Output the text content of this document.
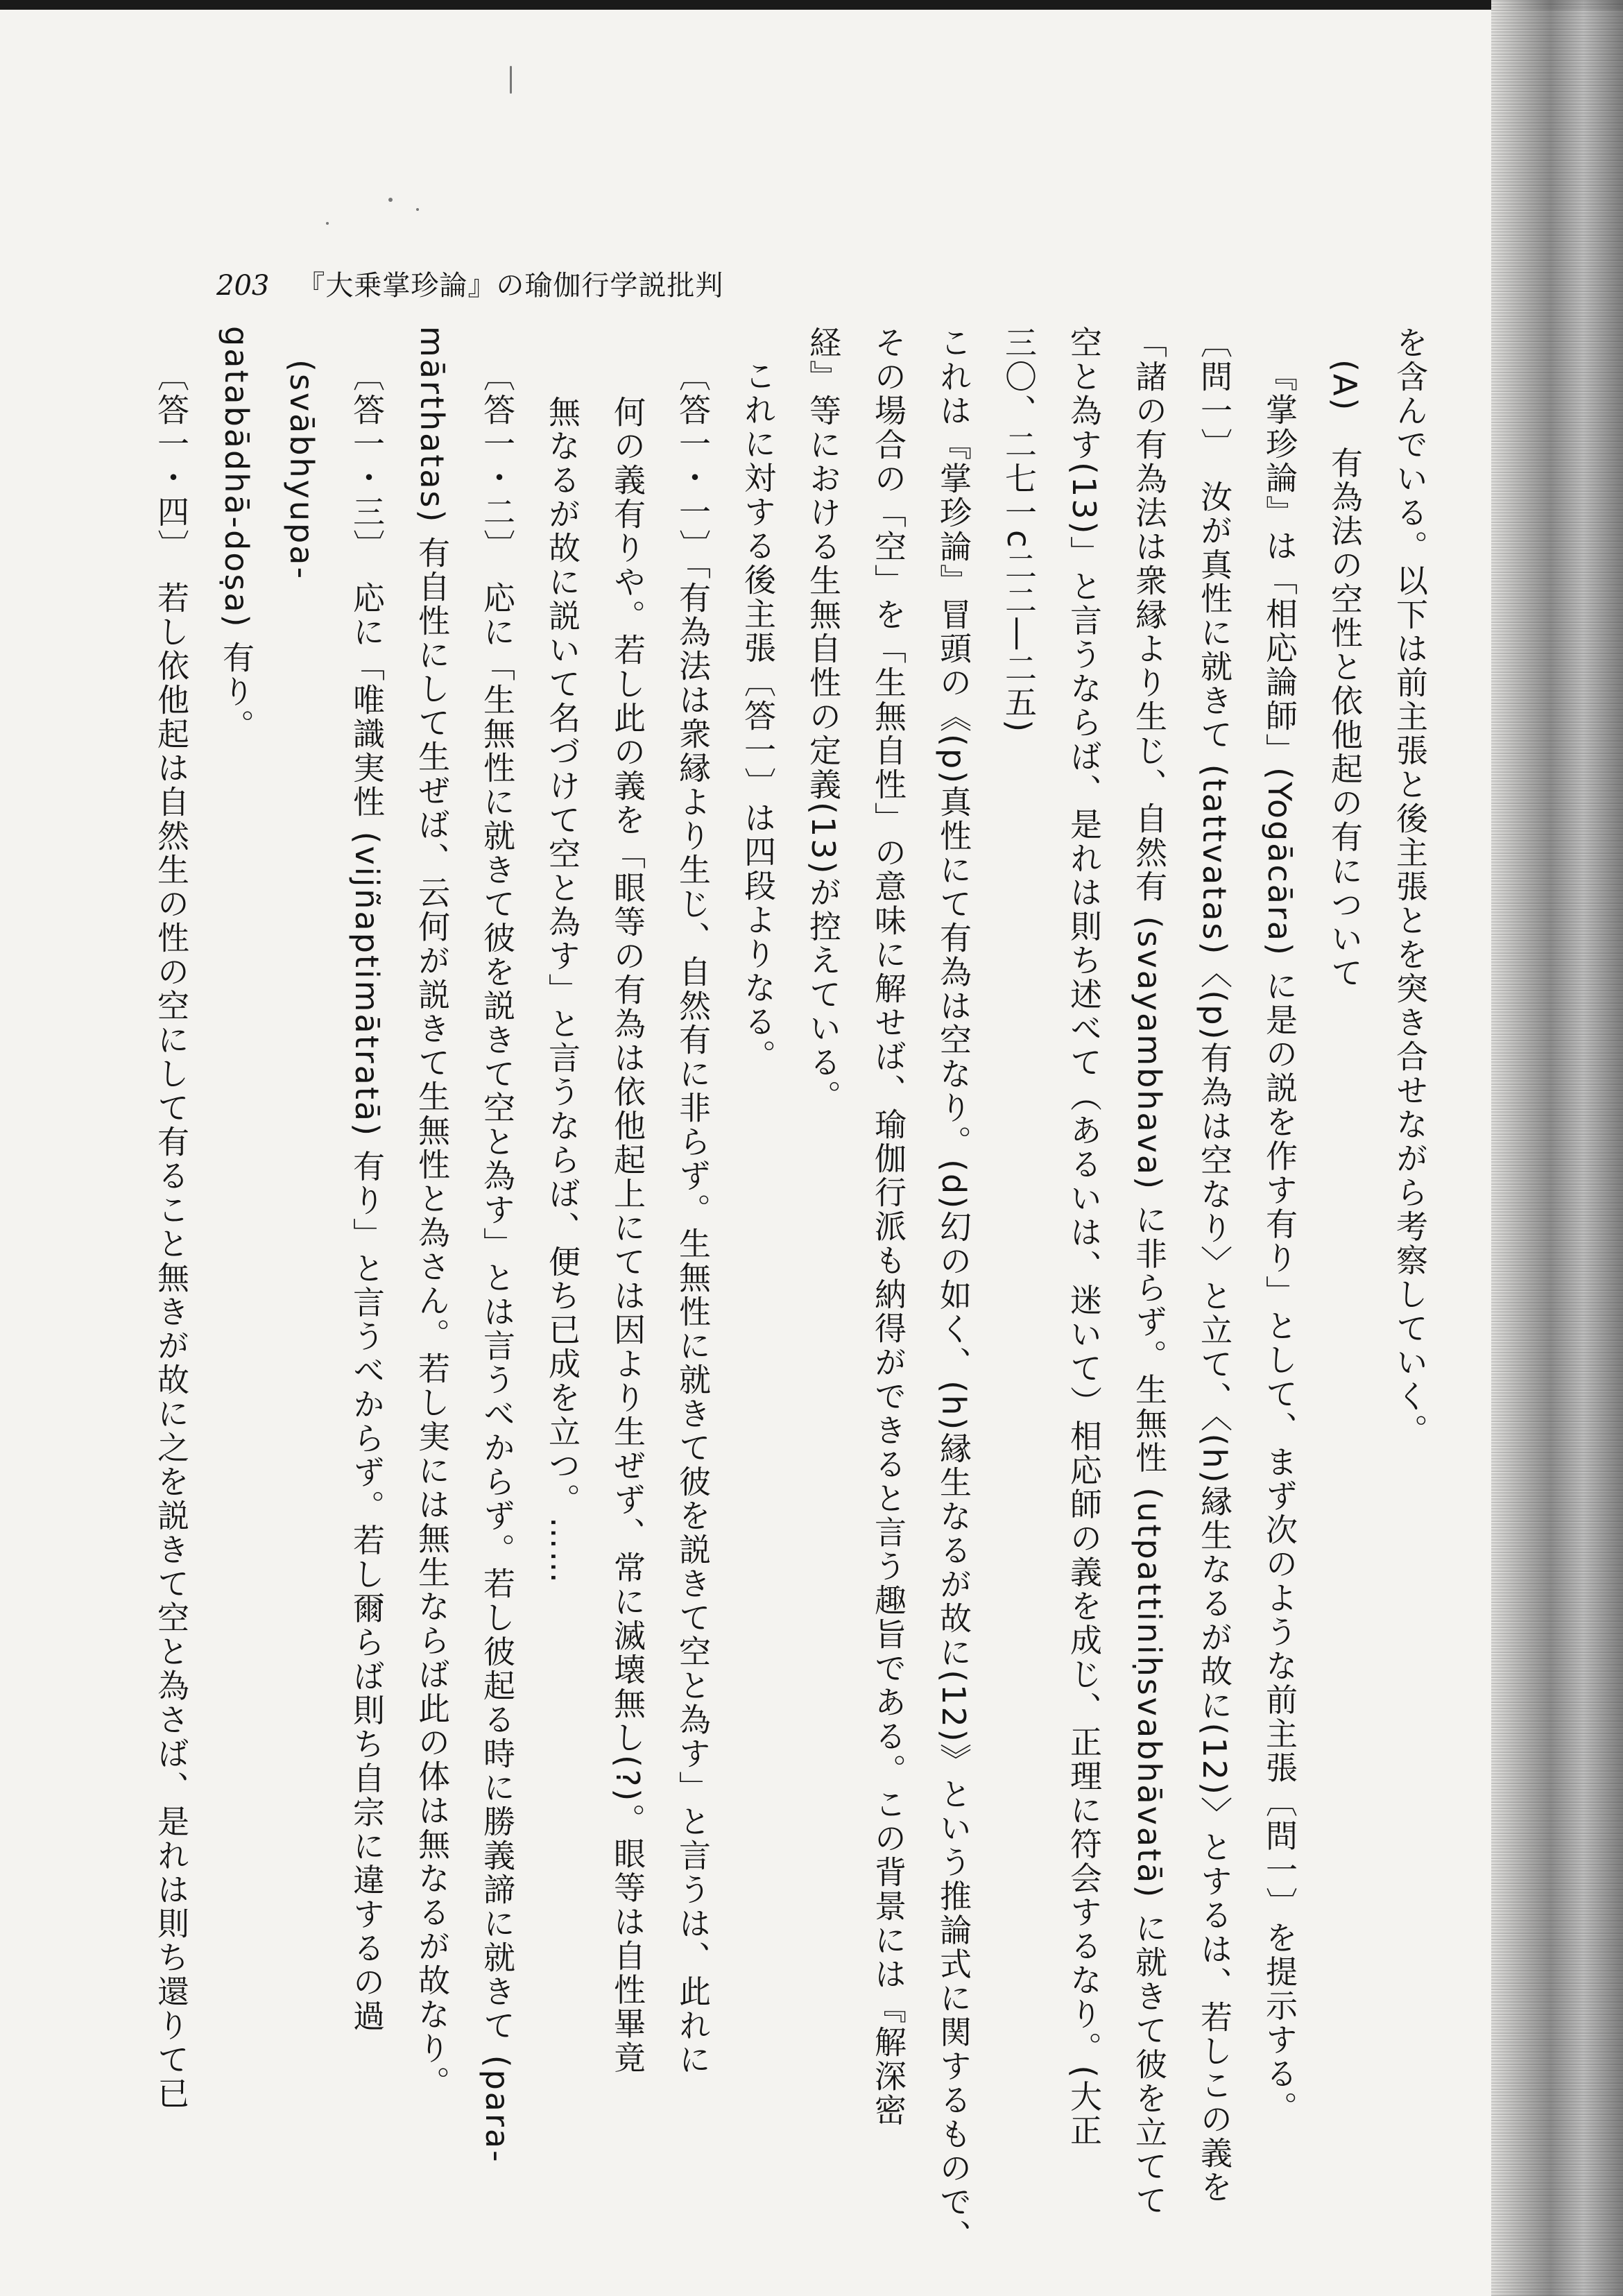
203 『大乗掌珍論』の瑜伽行学説批判

を含んでいる。以下は前主張と後主張とを突き合せながら考察していく。

(A)　有為法の空性と依他起の有について

『掌珍論』は「相応論師」(Yogācāra) に是の説を作す有り」として、まず次のような前主張〔問一〕を提示する。

〔問一〕　汝が真性に就きて (tattvatas)〈(p)有為は空なり〉と立て、〈(h)縁生なるが故に(12)〉とするは、若しこの義を

「諸の有為法は衆縁より生じ、自然有 (svayambhava) に非らず。生無性 (utpattiniḥsvabhāvatā) に就きて彼を立てて

空と為す(13)」と言うならば、是れは則ち述べて（あるいは、迷いて）相応師の義を成じ、正理に符会するなり。(大正

三〇、二七一c二二―二五)

これは『掌珍論』冒頭の《(p)真性にて有為は空なり。(d)幻の如く、(h)縁生なるが故に(12)》という推論式に関するもので、

その場合の「空」を「生無自性」の意味に解せば、瑜伽行派も納得ができると言う趣旨である。この背景には『解深密

経』等における生無自性の定義(13)が控えている。

これに対する後主張〔答一〕は四段よりなる。

〔答一・一〕「有為法は衆縁より生じ、自然有に非らず。生無性に就きて彼を説きて空と為す」と言うは、此れに

何の義有りや。若し此の義を「眼等の有為は依他起上にては因より生ぜず、常に滅壊無し(?)。眼等は自性畢竟

無なるが故に説いて名づけて空と為す」と言うならば、便ち已成を立つ。……

〔答一・二〕　応に「生無性に就きて彼を説きて空と為す」とは言うべからず。若し彼起る時に勝義諦に就きて (para-

mārthatas) 有自性にして生ぜば、云何が説きて生無性と為さん。若し実には無生ならば此の体は無なるが故なり。

〔答一・三〕　応に「唯識実性 (vijñaptimātratā) 有り」と言うべからず。若し爾らば則ち自宗に違するの過 (svābhyupa-

gatabādhā-doṣa) 有り。

〔答一・四〕　若し依他起は自然生の性の空にして有ること無きが故に之を説きて空と為さば、是れは則ち還りて已
